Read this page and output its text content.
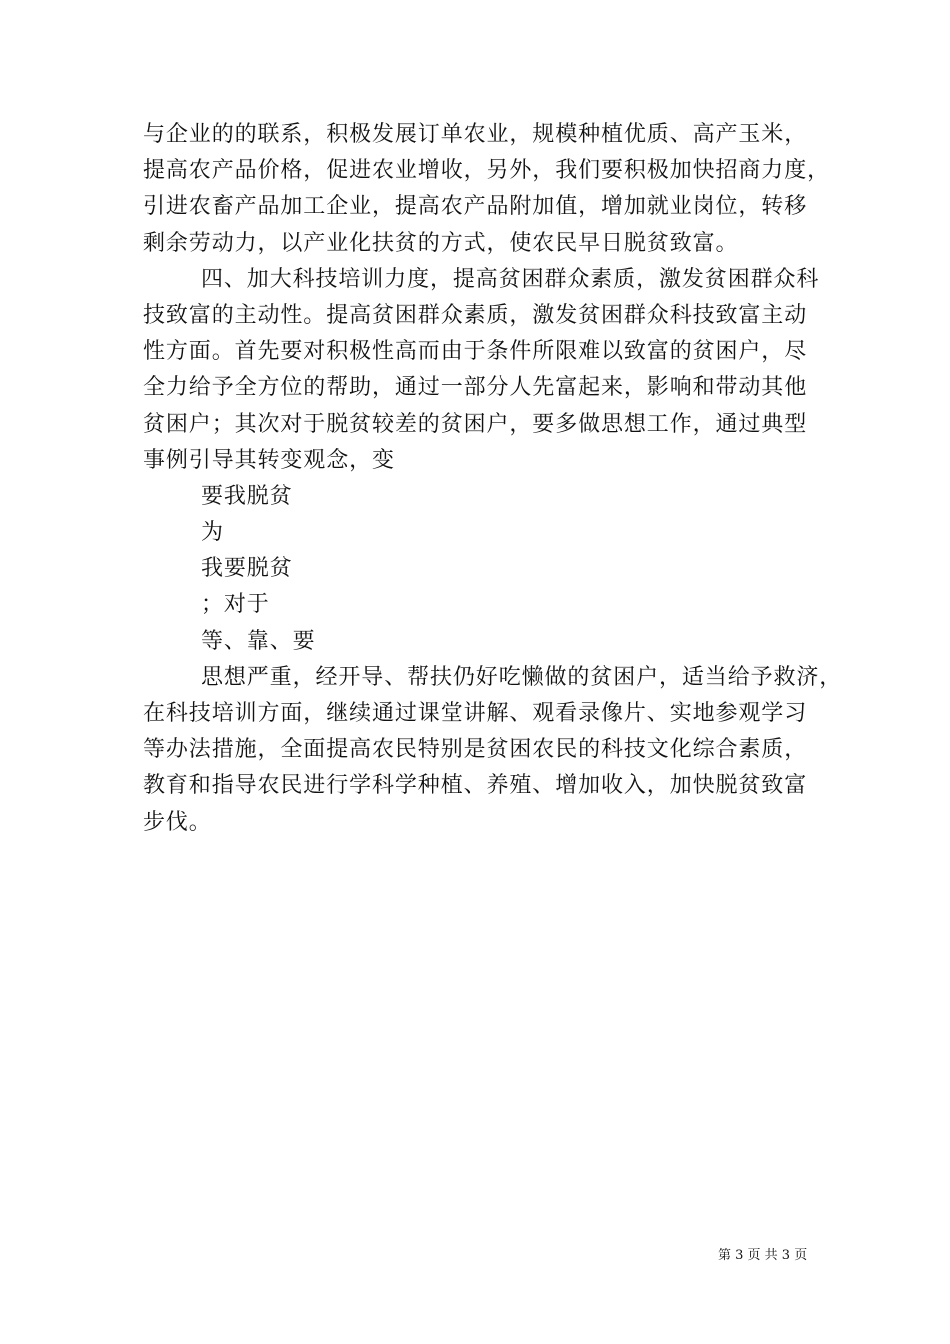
与企业的的联系，积极发展订单农业，规模种植优质、高产玉米，
提高农产品价格，促进农业增收，另外，我们要积极加快招商力度，
引进农畜产品加工企业，提高农产品附加值，增加就业岗位，转移
剩余劳动力，以产业化扶贫的方式，使农民早日脱贫致富。
四、加大科技培训力度，提高贫困群众素质，激发贫困群众科
技致富的主动性。提高贫困群众素质，激发贫困群众科技致富主动
性方面。首先要对积极性高而由于条件所限难以致富的贫困户，尽
全力给予全方位的帮助，通过一部分人先富起来，影响和带动其他
贫困户；其次对于脱贫较差的贫困户，要多做思想工作，通过典型
事例引导其转变观念，变
要我脱贫
为
我要脱贫
；对于
等、靠、要
思想严重，经开导、帮扶仍好吃懒做的贫困户，适当给予救济，
在科技培训方面，继续通过课堂讲解、观看录像片、实地参观学习
等办法措施，全面提高农民特别是贫困农民的科技文化综合素质，
教育和指导农民进行学科学种植、养殖、增加收入，加快脱贫致富
步伐。
第 3 页 共 3 页
